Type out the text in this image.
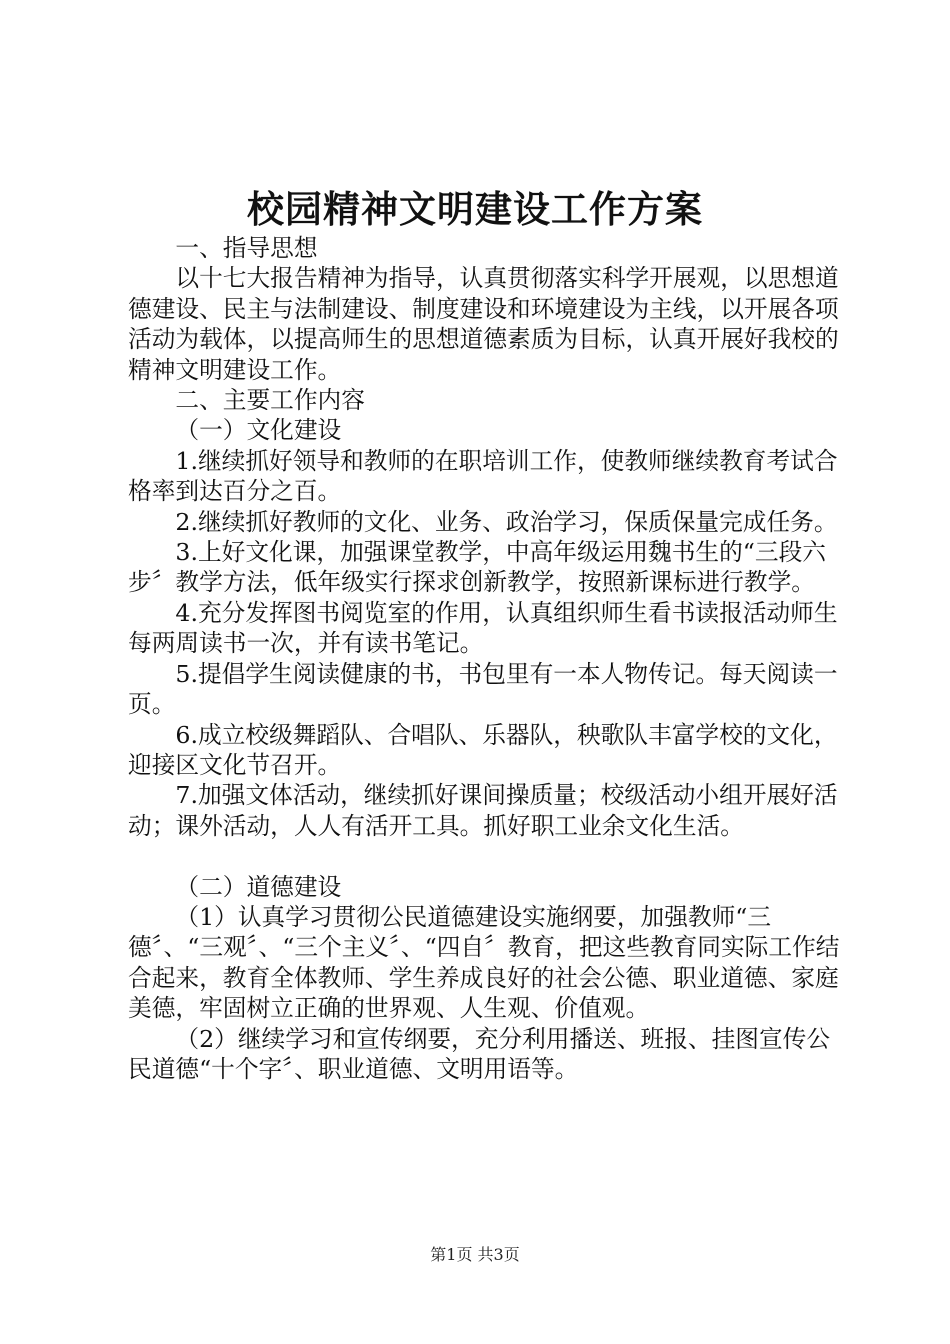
校园精神文明建设工作方案

一、指导思想

以十七大报告精神为指导，认真贯彻落实科学开展观，以思想道德建设、民主与法制建设、制度建设和环境建设为主线，以开展各项活动为载体，以提高师生的思想道德素质为目标，认真开展好我校的精神文明建设工作。

二、主要工作内容

（一）文化建设

1.继续抓好领导和教师的在职培训工作，使教师继续教育考试合格率到达百分之百。

2.继续抓好教师的文化、业务、政治学习，保质保量完成任务。

3.上好文化课，加强课堂教学，中高年级运用魏书生的“三段六步〞教学方法，低年级实行探求创新教学，按照新课标进行教学。

4.充分发挥图书阅览室的作用，认真组织师生看书读报活动师生每两周读书一次，并有读书笔记。

5.提倡学生阅读健康的书，书包里有一本人物传记。每天阅读一页。

6.成立校级舞蹈队、合唱队、乐器队，秧歌队丰富学校的文化，迎接区文化节召开。

7.加强文体活动，继续抓好课间操质量；校级活动小组开展好活动；课外活动，人人有活开工具。抓好职工业余文化生活。

（二）道德建设

（1）认真学习贯彻公民道德建设实施纲要，加强教师“三德〞、“三观〞、“三个主义〞、“四自〞教育，把这些教育同实际工作结合起来，教育全体教师、学生养成良好的社会公德、职业道德、家庭美德，牢固树立正确的世界观、人生观、价值观。

（2）继续学习和宣传纲要，充分利用播送、班报、挂图宣传公民道德“十个字〞、职业道德、文明用语等。

第1页 共3页
